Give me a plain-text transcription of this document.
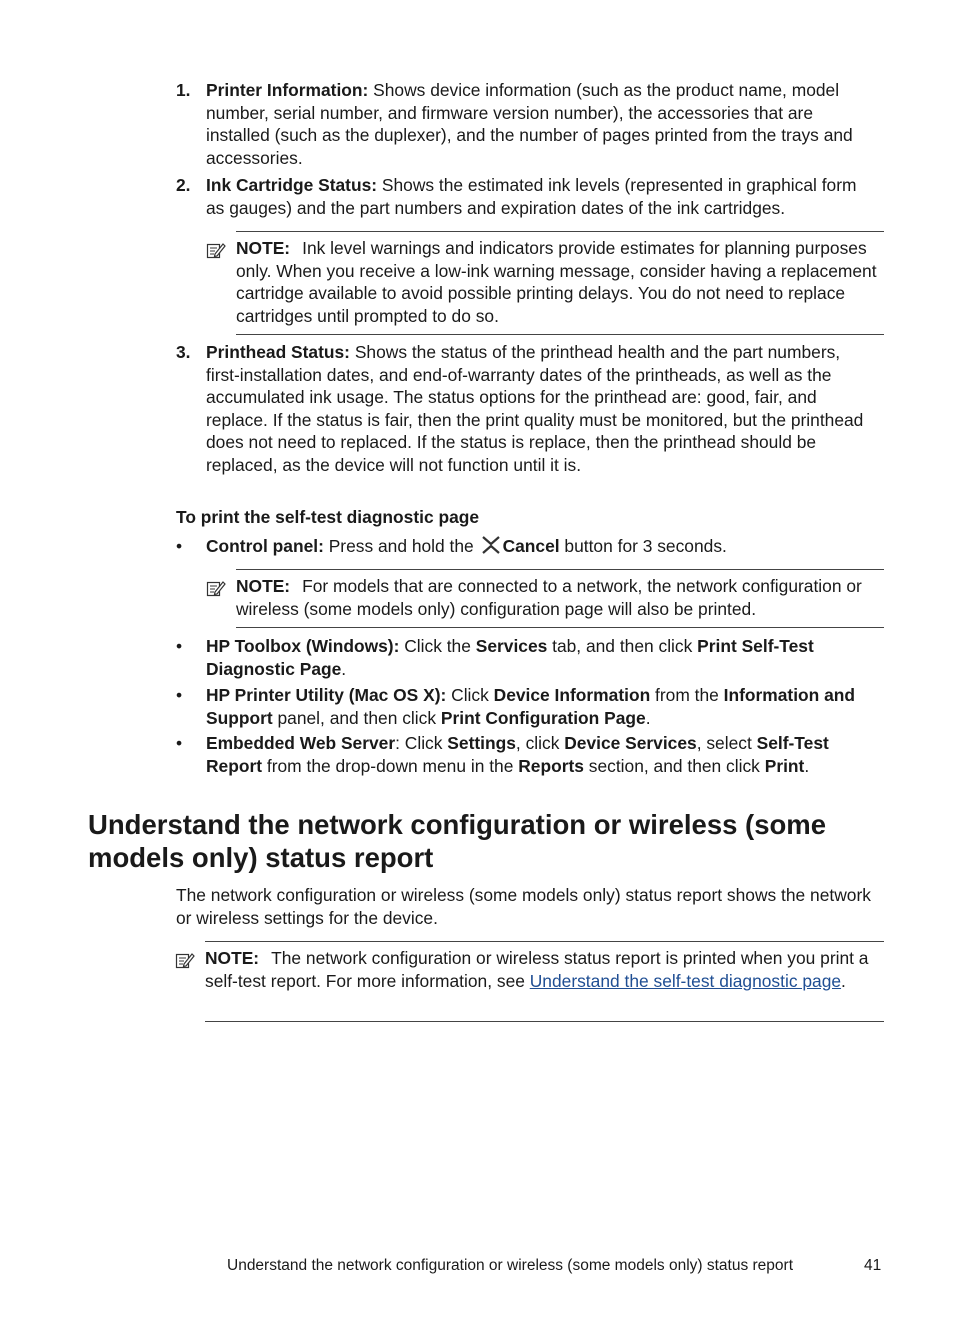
1. Printer Information: Shows device information (such as the product name, model number, serial number, and firmware version number), the accessories that are installed (such as the duplexer), and the number of pages printed from the trays and accessories.
2. Ink Cartridge Status: Shows the estimated ink levels (represented in graphical form as gauges) and the part numbers and expiration dates of the ink cartridges.
NOTE: Ink level warnings and indicators provide estimates for planning purposes only. When you receive a low-ink warning message, consider having a replacement cartridge available to avoid possible printing delays. You do not need to replace cartridges until prompted to do so.
3. Printhead Status: Shows the status of the printhead health and the part numbers, first-installation dates, and end-of-warranty dates of the printheads, as well as the accumulated ink usage. The status options for the printhead are: good, fair, and replace. If the status is fair, then the print quality must be monitored, but the printhead does not need to replaced. If the status is replace, then the printhead should be replaced, as the device will not function until it is.
To print the self-test diagnostic page
• Control panel: Press and hold the Cancel button for 3 seconds.
NOTE: For models that are connected to a network, the network configuration or wireless (some models only) configuration page will also be printed.
• HP Toolbox (Windows): Click the Services tab, and then click Print Self-Test Diagnostic Page.
• HP Printer Utility (Mac OS X): Click Device Information from the Information and Support panel, and then click Print Configuration Page.
• Embedded Web Server: Click Settings, click Device Services, select Self-Test Report from the drop-down menu in the Reports section, and then click Print.
Understand the network configuration or wireless (some models only) status report
The network configuration or wireless (some models only) status report shows the network or wireless settings for the device.
NOTE: The network configuration or wireless status report is printed when you print a self-test report. For more information, see Understand the self-test diagnostic page.
Understand the network configuration or wireless (some models only) status report	41
